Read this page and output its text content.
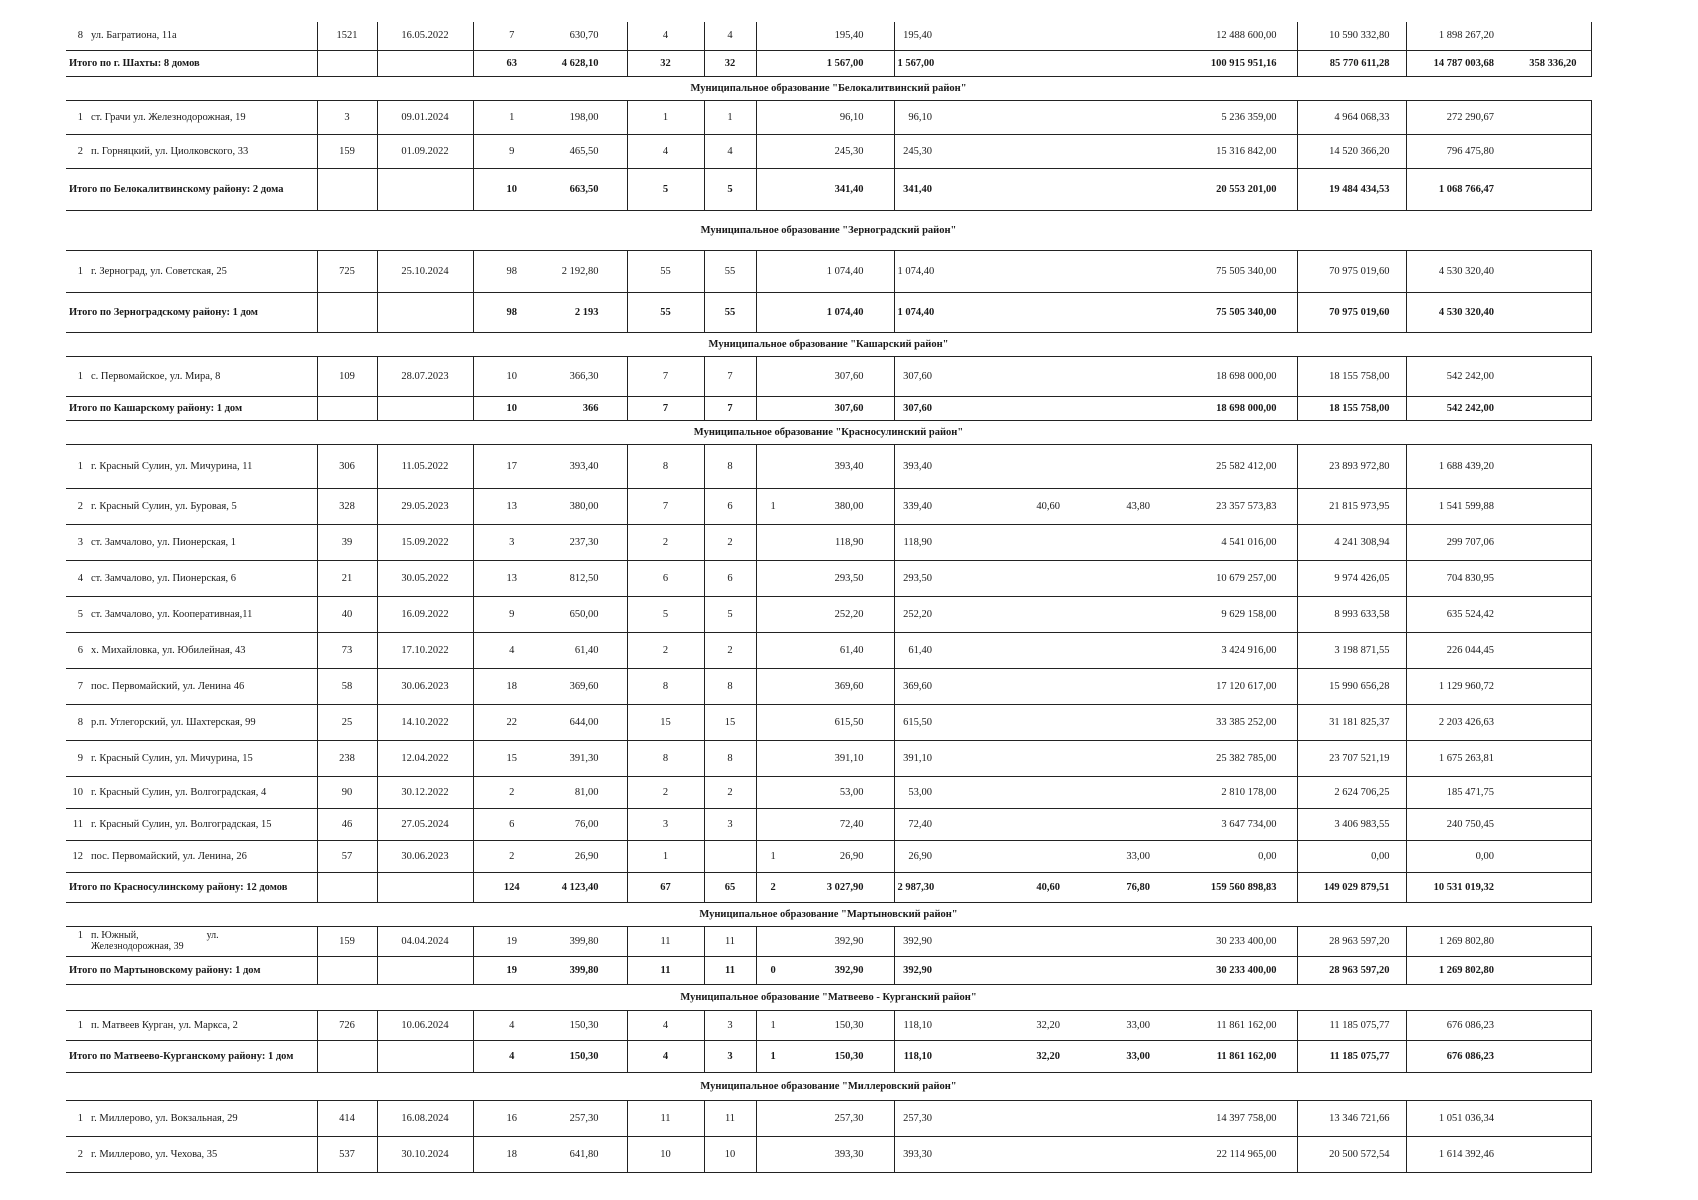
8 ул. Багратиона, 11а	1521	16.05.2022	7	630,70	4	4		195,40	195,40			12 488 600,00	10 590 332,80	1 898 267,20	
Итого по г. Шахты: 8 домов			63	4 628,10	32	32		1 567,00	1 567,00			100 915 951,16	85 770 611,28	14 787 003,68	358 336,20
Муниципальное образование "Белокалитвинский район"															

1 ст. Грачи ул. Железнодорожная, 19	3	09.01.2024	1	198,00	1	1		96,10	96,10			5 236 359,00	4 964 068,33	272 290,67	

2 п. Горняцкий, ул. Циолковского, 33	159	01.09.2022	9	465,50	4	4		245,30	245,30			15 316 842,00	14 520 366,20	796 475,80	
Итого по Белокалитвинскому району: 2 дома			10	663,50	5	5		341,40	341,40			20 553 201,00	19 484 434,53	1 068 766,47	
Муниципальное образование "Зерноградский район"															

1 г. Зерноград, ул. Советская, 25	725	25.10.2024	98	2 192,80	55	55		1 074,40	1 074,40			75 505 340,00	70 975 019,60	4 530 320,40	
Итого по Зерноградскому району: 1 дом			98	2 193	55	55		1 074,40	1 074,40			75 505 340,00	70 975 019,60	4 530 320,40	
Муниципальное образование "Кашарский район"															

1 с. Первомайское, ул. Мира, 8	109	28.07.2023	10	366,30	7	7		307,60	307,60			18 698 000,00	18 155 758,00	542 242,00	
Итого по Кашарскому району: 1 дом			10	366	7	7		307,60	307,60			18 698 000,00	18 155 758,00	542 242,00	
Муниципальное образование "Красносулинский район"															

1 г. Красный Сулин, ул. Мичурина, 11	306	11.05.2022	17	393,40	8	8		393,40	393,40			25 582 412,00	23 893 972,80	1 688 439,20	

2 г. Красный Сулин, ул. Буровая, 5	328	29.05.2023	13	380,00	7	6	1	380,00	339,40	40,60	43,80	23 357 573,83	21 815 973,95	1 541 599,88	

3 ст. Замчалово, ул. Пионерская, 1	39	15.09.2022	3	237,30	2	2		118,90	118,90			4 541 016,00	4 241 308,94	299 707,06	

4 ст. Замчалово, ул. Пионерская, 6	21	30.05.2022	13	812,50	6	6		293,50	293,50			10 679 257,00	9 974 426,05	704 830,95	

5 ст. Замчалово, ул. Кооперативная,11	40	16.09.2022	9	650,00	5	5		252,20	252,20			9 629 158,00	8 993 633,58	635 524,42	

6 х. Михайловка, ул. Юбилейная, 43	73	17.10.2022	4	61,40	2	2		61,40	61,40			3 424 916,00	3 198 871,55	226 044,45	

7 пос. Первомайский, ул. Ленина 46	58	30.06.2023	18	369,60	8	8		369,60	369,60			17 120 617,00	15 990 656,28	1 129 960,72	

8 р.п. Углегорский, ул. Шахтерская, 99	25	14.10.2022	22	644,00	15	15		615,50	615,50			33 385 252,00	31 181 825,37	2 203 426,63	

9 г. Красный Сулин, ул. Мичурина, 15	238	12.04.2022	15	391,30	8	8		391,10	391,10			25 382 785,00	23 707 521,19	1 675 263,81	

10 г. Красный Сулин, ул. Волгоградская, 4	90	30.12.2022	2	81,00	2	2		53,00	53,00			2 810 178,00	2 624 706,25	185 471,75	

11 г. Красный Сулин, ул. Волгоградская, 15	46	27.05.2024	6	76,00	3	3		72,40	72,40			3 647 734,00	3 406 983,55	240 750,45	

12 пос. Первомайский, ул. Ленина, 26	57	30.06.2023	2	26,90	1		1	26,90	26,90		33,00	0,00	0,00	0,00	
Итого по Красносулинскому району: 12 домов			124	4 123,40	67	65	2	3 027,90	2 987,30	40,60	76,80	159 560 898,83	149 029 879,51	10 531 019,32	
Муниципальное образование "Мартыновский район"															

1 п. Южный, ул.
Железнодорожная, 39	159	04.04.2024	19	399,80	11	11		392,90	392,90			30 233 400,00	28 963 597,20	1 269 802,80	
Итого по Мартыновскому району: 1 дом			19	399,80	11	11	0	392,90	392,90			30 233 400,00	28 963 597,20	1 269 802,80	
Муниципальное образование "Матвеево - Курганский район"															

1 п. Матвеев Курган, ул. Маркса, 2	726	10.06.2024	4	150,30	4	3	1	150,30	118,10	32,20	33,00	11 861 162,00	11 185 075,77	676 086,23	
Итого по Матвеево-Курганскому району: 1 дом			4	150,30	4	3	1	150,30	118,10	32,20	33,00	11 861 162,00	11 185 075,77	676 086,23	
Муниципальное образование "Миллеровский район"															

1 г. Миллерово, ул. Вокзальная, 29	414	16.08.2024	16	257,30	11	11		257,30	257,30			14 397 758,00	13 346 721,66	1 051 036,34	

2 г. Миллерово, ул. Чехова, 35	537	30.10.2024	18	641,80	10	10		393,30	393,30			22 114 965,00	20 500 572,54	1 614 392,46	
